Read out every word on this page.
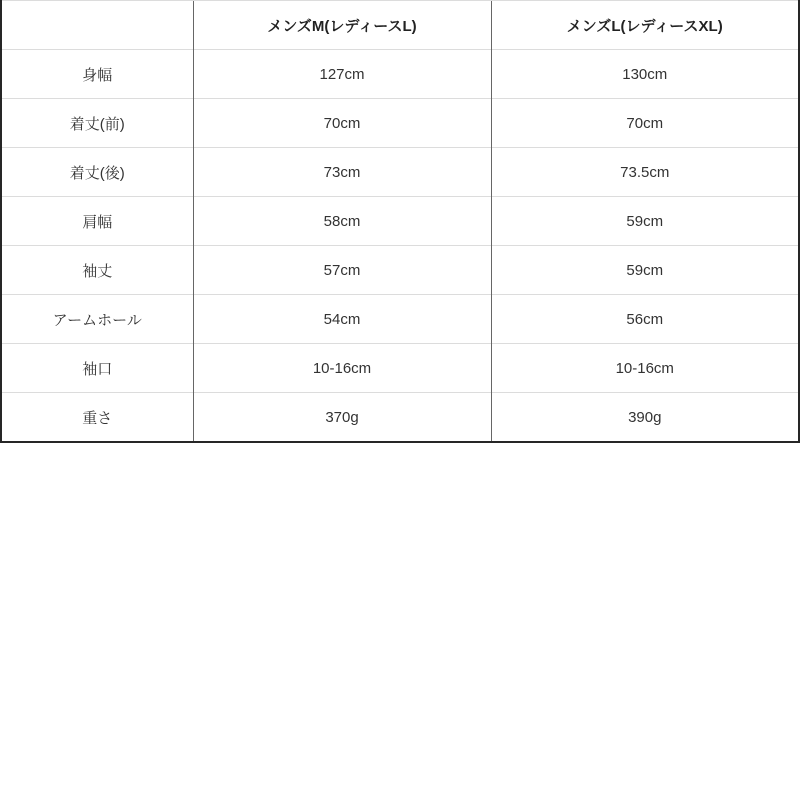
	メンズM(レディースL)	メンズL(レディースXL)
身幅	127cm	130cm
着丈(前)	70cm	70cm
着丈(後)	73cm	73.5cm
肩幅	58cm	59cm
袖丈	57cm	59cm
アームホール	54cm	56cm
袖口	10-16cm	10-16cm
重さ	370g	390g
